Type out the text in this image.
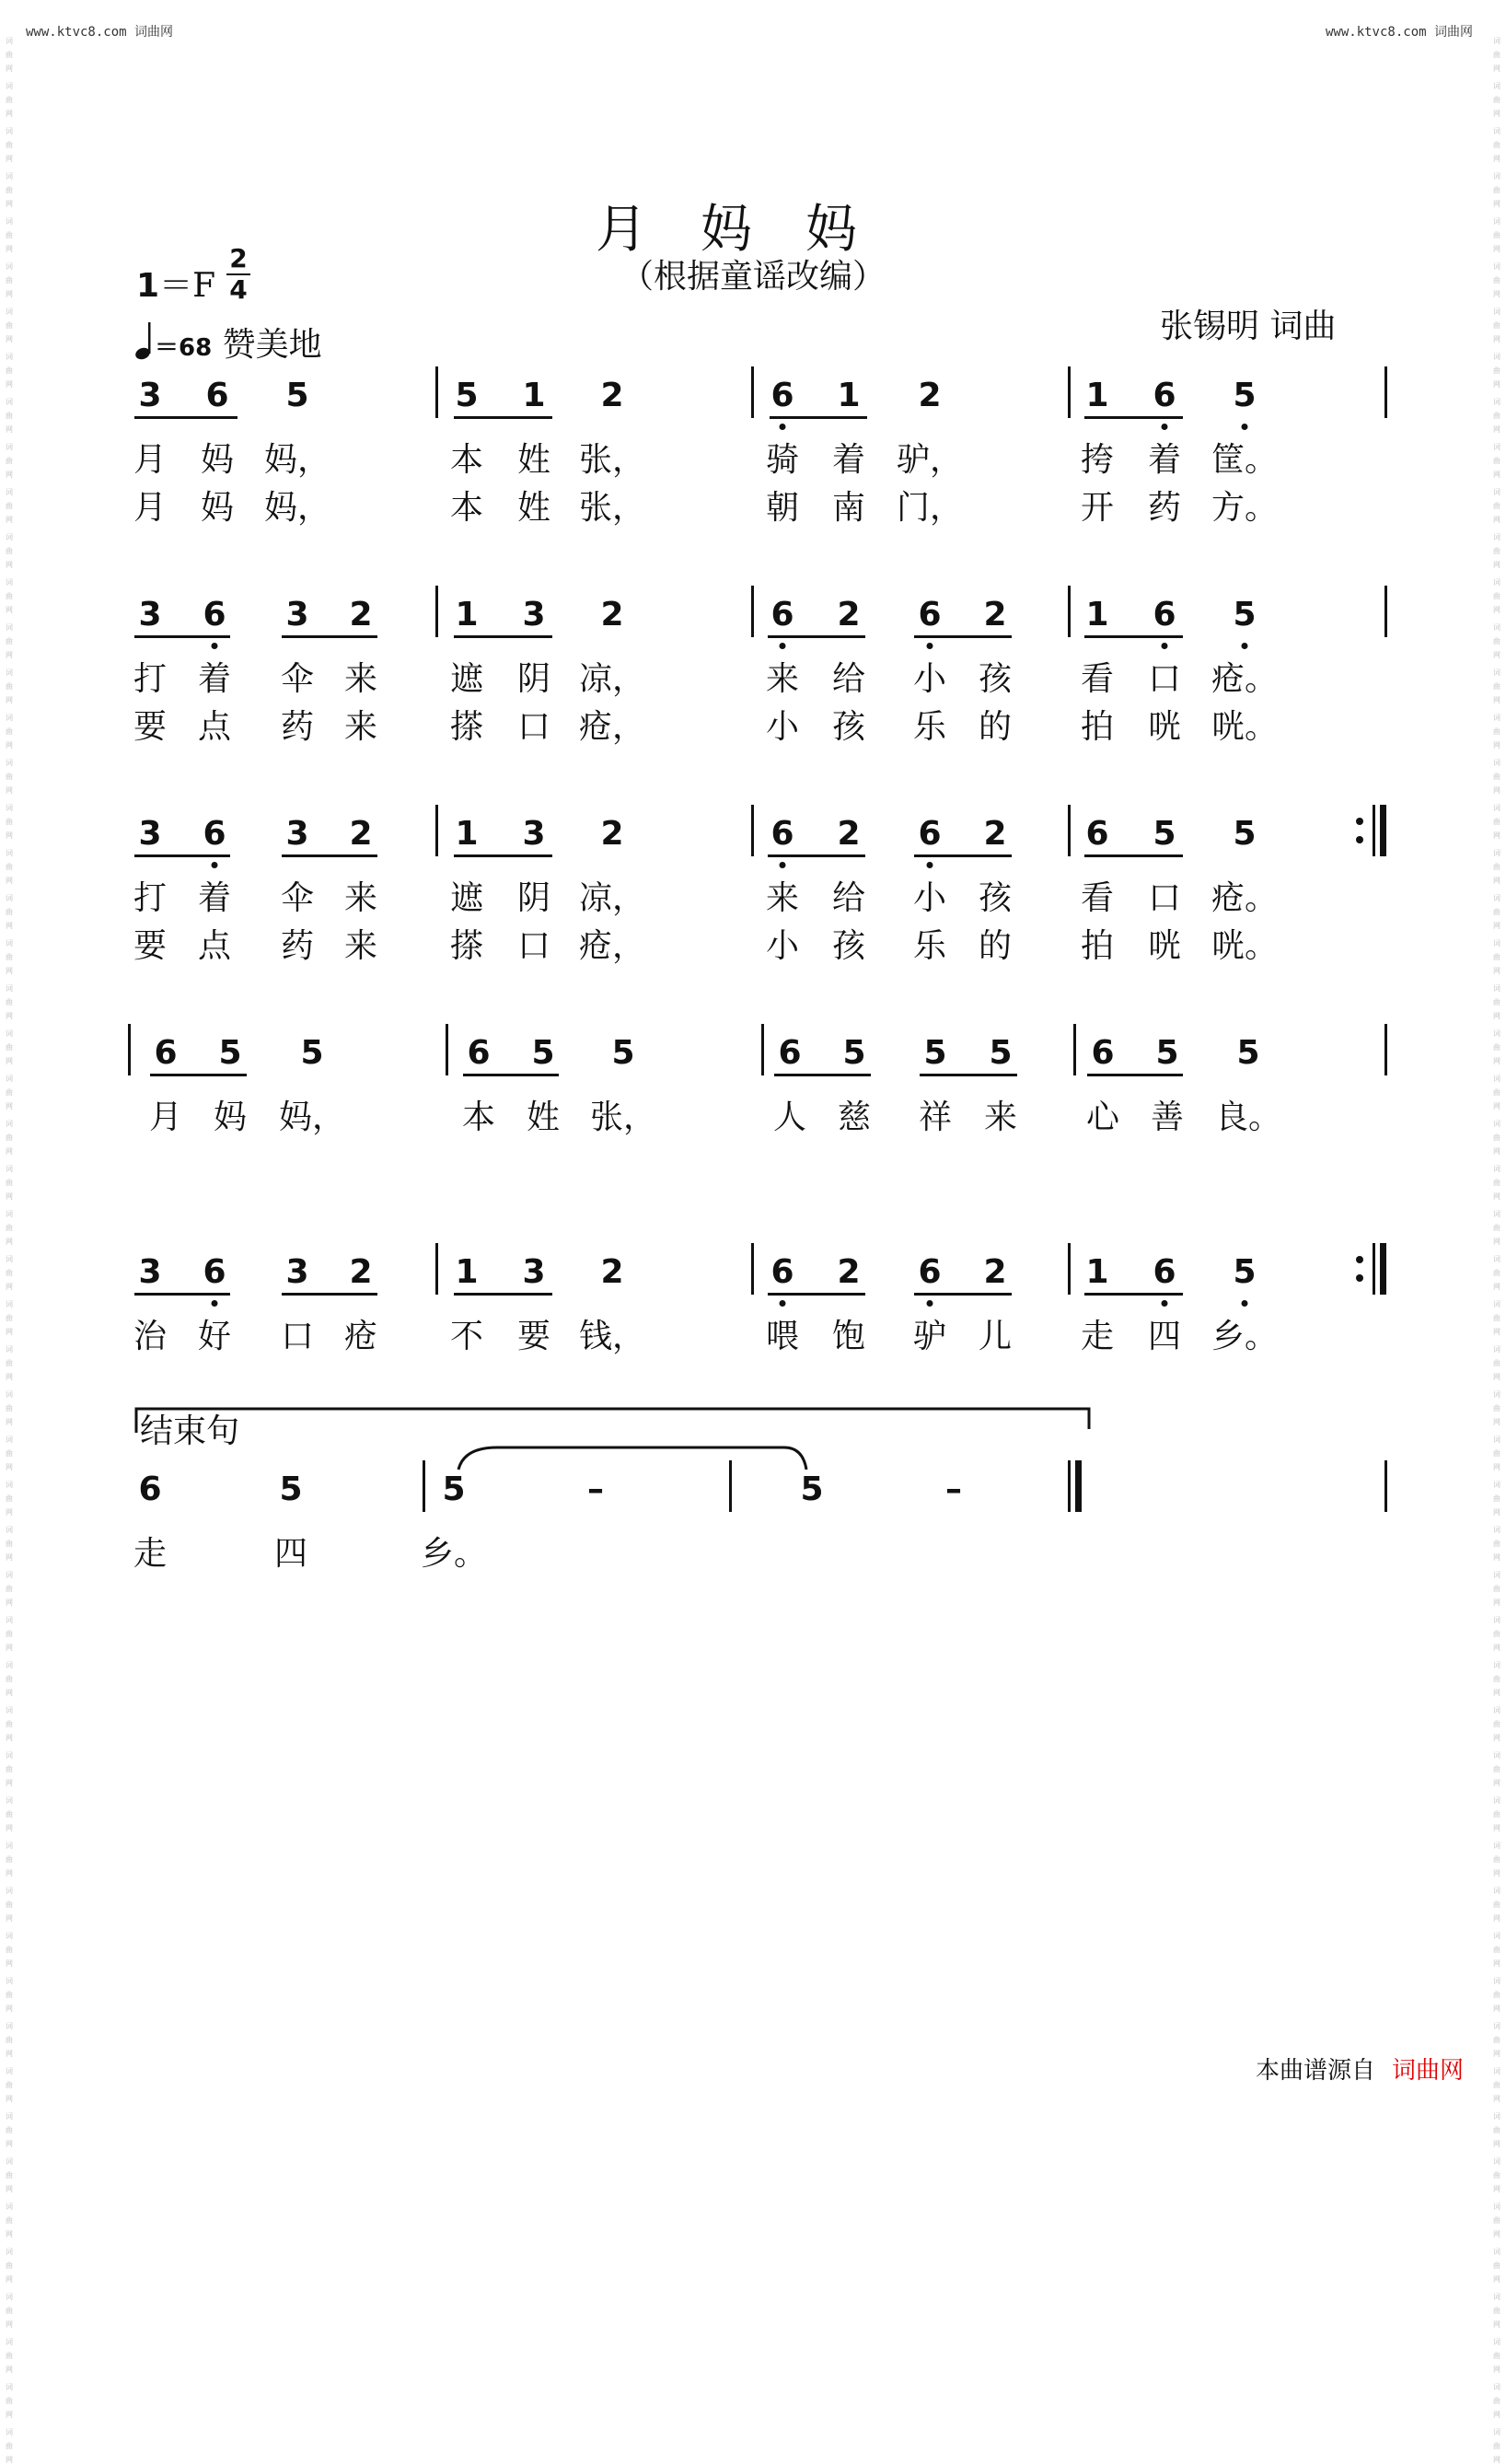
www.ktvc8.com 词曲网	www.ktvc8.com 词曲网
词
曲
网
词
曲
网
词
曲
网
词
曲
网
词
曲
网
词
曲
网
词
曲
网
词
曲
网
词
曲
网
词
曲
网
词
曲
网
词
曲
网
词
曲
网
词
曲
网
词
曲
网
词
曲
网
词
曲
网
词
曲
网
词
曲
网
词
曲
网
词
曲
网
词
曲
网
词
曲
网
词
曲
网
词
曲
网
词
曲
网
词
曲
网
词
曲
网
词
曲
网
词
曲
网
词
曲
网
词
曲
网
词
曲
网
词
曲
网
词
曲
网
词
曲
网
词
曲
网
词
曲
网
词
曲
网
词
曲
网
词
曲
网
词
曲
网
词
曲
网
词
曲
网
词
曲
网
词
曲
网
词
曲
网
词
曲
网
词
曲
网
词
曲
网
词
曲
网
词
曲
网
词
曲
网
词
曲
网
词
曲
网
词
曲
网
词
曲
网
词
曲
网
词
曲
网
词
曲
网
词
曲
网
词
曲
网
词
曲
网
词
曲
网
词
曲
网
词
曲
网
词
曲
网
词
曲
网
词
曲
网
词
曲
网
词
曲
网
词
曲
网
词
曲
网
词
曲
网
词
曲
网
词
曲
网
词
曲
网
词
曲
网
词
曲
网
词
曲
网
词
曲
网
词
曲
网
词
曲
网
词
曲
网
词
曲
网
词
曲
网
词
曲
网
词
曲
网
词
曲
网
词
曲
网
词
曲
网
词
曲
网
词
曲
网
词
曲
网
词
曲
网
词
曲
网
词
曲
网
词
曲
网
词
曲
网
词
曲
网
词
曲
网
词
曲
网
词
曲
网
词
曲
网
词
曲
网
词
曲
网
词
曲
网
词
曲
网
月妈妈
（根据童谣改编）
1＝F
2
4
＝68 赞美地	张锡明 词曲
3 6 5	5 1 2	6 1 2	1 6 5
月 妈 妈，	本 姓 张，	骑 着 驴，	挎 着 筐。
月 妈 妈，	本 姓 张，	朝 南 门，	开 药 方。
3 6 3 2 1 3 2	6 2 6 2 1 6 5
打 着 伞 来 遮 阴 凉，	来 给 小 孩 看 口 疮。
要 点 药 来 搽 口 疮，	小 孩 乐 的 拍 咣 咣。
3 6 3 2 1 3 2	6 2 6 2 6 5 5
打 着 伞 来 遮 阴 凉，	来 给 小 孩 看 口 疮。
要 点 药 来 搽 口 疮，	小 孩 乐 的 拍 咣 咣。
6 5 5	6 5 5	6 5 5 5 6 5 5
月 妈 妈，	本 姓 张，	人 慈 祥 来 心 善 良。
3 6 3 2 1 3 2	6 2 6 2 1 6 5
治 好 口 疮 不 要 钱，	喂 饱 驴 儿 走 四 乡。
6	5	5	5
走	四	乡。
–	–
结束句
本曲谱源自 词曲网
